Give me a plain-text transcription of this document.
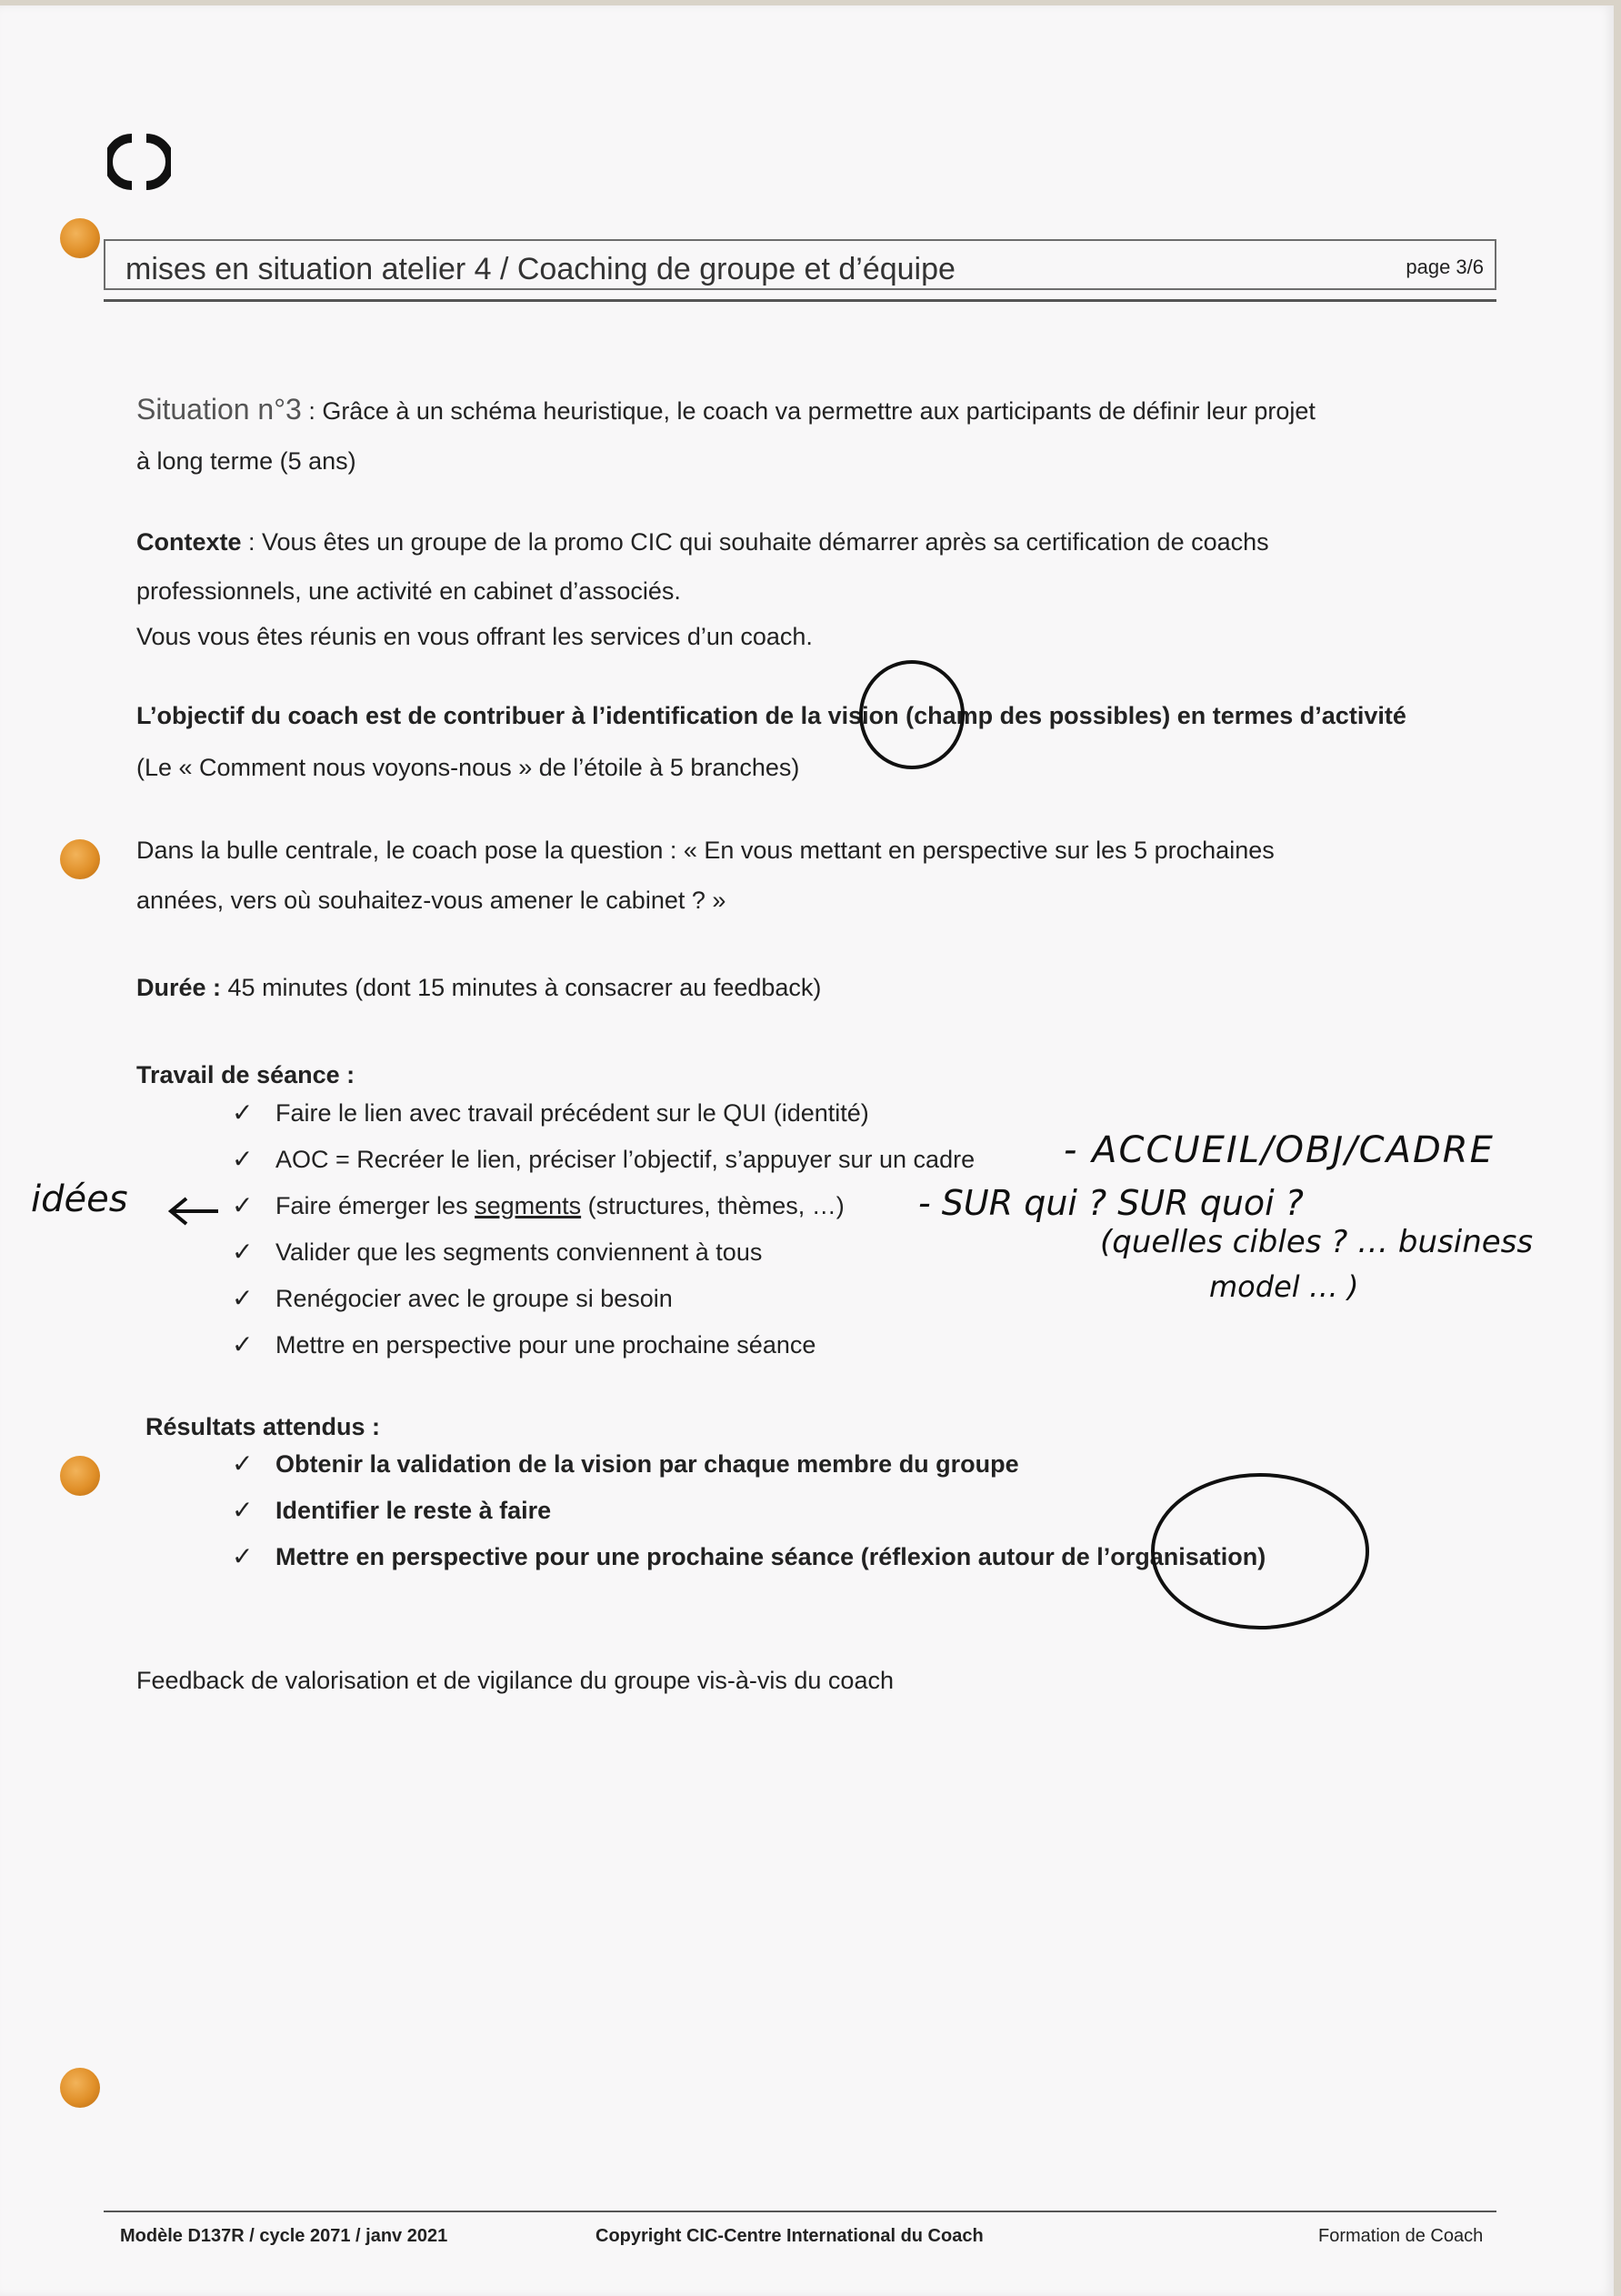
mises en situation atelier 4 / Coaching de groupe et d’équipe	page 3/6
Situation n°3 : Grâce à un schéma heuristique, le coach va permettre aux participants de définir leur projet
à long terme (5 ans)
Contexte : Vous êtes un groupe de la promo CIC qui souhaite démarrer après sa certification de coachs
professionnels, une activité en cabinet d’associés.
Vous vous êtes réunis en vous offrant les services d’un coach.
L’objectif du coach est de contribuer à l’identification de la vision (champ des possibles) en termes d’activité
(Le « Comment nous voyons-nous » de l’étoile à 5 branches)
Dans la bulle centrale, le coach pose la question : « En vous mettant en perspective sur les 5 prochaines
années, vers où souhaitez-vous amener le cabinet ? »
Durée : 45 minutes (dont 15 minutes à consacrer au feedback)
Travail de séance :
✓ Faire le lien avec travail précédent sur le QUI (identité)
✓ AOC = Recréer le lien, préciser l’objectif, s’appuyer sur un cadre
✓ Faire émerger les segments (structures, thèmes, …)
✓ Valider que les segments conviennent à tous
✓ Renégocier avec le groupe si besoin
✓ Mettre en perspective pour une prochaine séance
Résultats attendus :
✓ Obtenir la validation de la vision par chaque membre du groupe
✓ Identifier le reste à faire
✓ Mettre en perspective pour une prochaine séance (réflexion autour de l’organisation)
Feedback de valorisation et de vigilance du groupe vis-à-vis du coach
- ACCUEIL/OBJ/CADRE
- SUR qui ? SUR quoi ?
(quelles cibles ? … business
model … )
idées
Modèle D137R / cycle 2071 / janv 2021	Copyright CIC-Centre International du Coach	Formation de Coach
